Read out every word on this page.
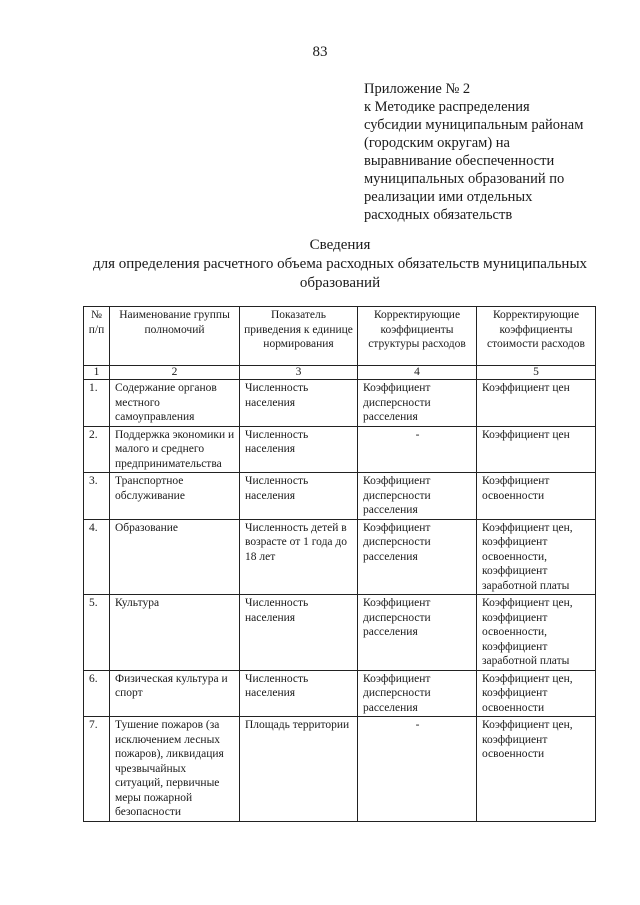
83
Приложение № 2
к Методике распределения
субсидии муниципальным районам
(городским округам) на
выравнивание обеспеченности
муниципальных образований по
реализации ими отдельных
расходных обязательств
Сведения
для определения расчетного объема расходных обязательств муниципальных
образований
№ п/п	Наименование группы полномочий	Показатель приведения к единице нормирования	Корректирующие коэффициенты структуры расходов	Корректирующие коэффициенты стоимости расходов
1	2	3	4	5
1.	Содержание органов местного самоуправления	Численность населения	Коэффициент дисперсности расселения	Коэффициент цен
2.	Поддержка экономики и малого и среднего предпринимательства	Численность населения	-	Коэффициент цен
3.	Транспортное обслуживание	Численность населения	Коэффициент дисперсности расселения	Коэффициент освоенности
4.	Образование	Численность детей в возрасте от 1 года до 18 лет	Коэффициент дисперсности расселения	Коэффициент цен, коэффициент освоенности, коэффициент заработной платы
5.	Культура	Численность населения	Коэффициент дисперсности расселения	Коэффициент цен, коэффициент освоенности, коэффициент заработной платы
6.	Физическая культура и спорт	Численность населения	Коэффициент дисперсности расселения	Коэффициент цен, коэффициент освоенности
7.	Тушение пожаров (за исключением лесных пожаров), ликвидация чрезвычайных ситуаций, первичные меры пожарной безопасности	Площадь территории	-	Коэффициент цен, коэффициент освоенности
